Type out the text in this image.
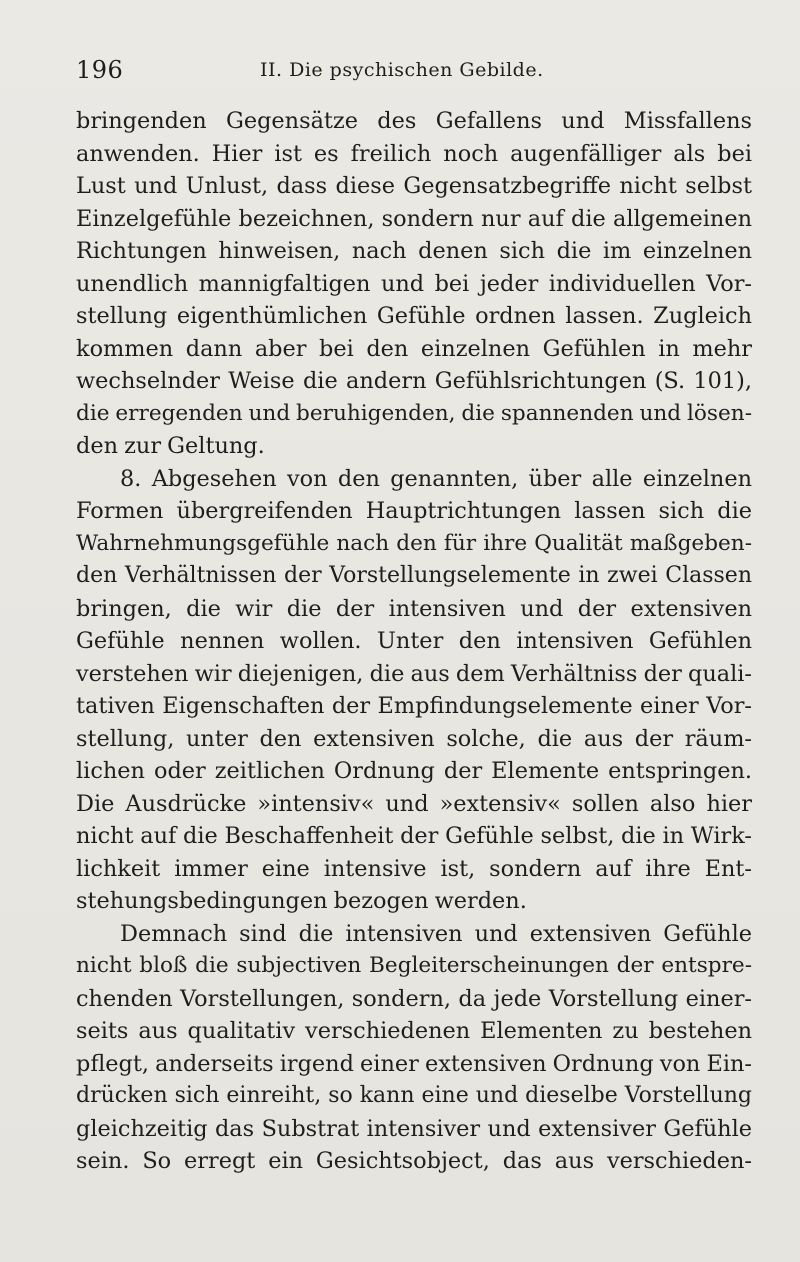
196	II. Die psychischen Gebilde.
bringenden Gegensätze des Gefallens und Missfallens
anwenden. Hier ist es freilich noch augenfälliger als bei
Lust und Unlust, dass diese Gegensatzbegriffe nicht selbst
Einzelgefühle bezeichnen, sondern nur auf die allgemeinen
Richtungen hinweisen, nach denen sich die im einzelnen
unendlich mannigfaltigen und bei jeder individuellen Vor-
stellung eigenthümlichen Gefühle ordnen lassen. Zugleich
kommen dann aber bei den einzelnen Gefühlen in mehr
wechselnder Weise die andern Gefühlsrichtungen (S. 101),
die erregenden und beruhigenden, die spannenden und lösen-
den zur Geltung.
8. Abgesehen von den genannten, über alle einzelnen
Formen übergreifenden Hauptrichtungen lassen sich die
Wahrnehmungsgefühle nach den für ihre Qualität maßgeben-
den Verhältnissen der Vorstellungselemente in zwei Classen
bringen, die wir die der intensiven und der extensiven
Gefühle nennen wollen. Unter den intensiven Gefühlen
verstehen wir diejenigen, die aus dem Verhältniss der quali-
tativen Eigenschaften der Empfindungselemente einer Vor-
stellung, unter den extensiven solche, die aus der räum-
lichen oder zeitlichen Ordnung der Elemente entspringen.
Die Ausdrücke »intensiv« und »extensiv« sollen also hier
nicht auf die Beschaffenheit der Gefühle selbst, die in Wirk-
lichkeit immer eine intensive ist, sondern auf ihre Ent-
stehungsbedingungen bezogen werden.
Demnach sind die intensiven und extensiven Gefühle
nicht bloß die subjectiven Begleiterscheinungen der entspre-
chenden Vorstellungen, sondern, da jede Vorstellung einer-
seits aus qualitativ verschiedenen Elementen zu bestehen
pflegt, anderseits irgend einer extensiven Ordnung von Ein-
drücken sich einreiht, so kann eine und dieselbe Vorstellung
gleichzeitig das Substrat intensiver und extensiver Gefühle
sein. So erregt ein Gesichtsobject, das aus verschieden-
